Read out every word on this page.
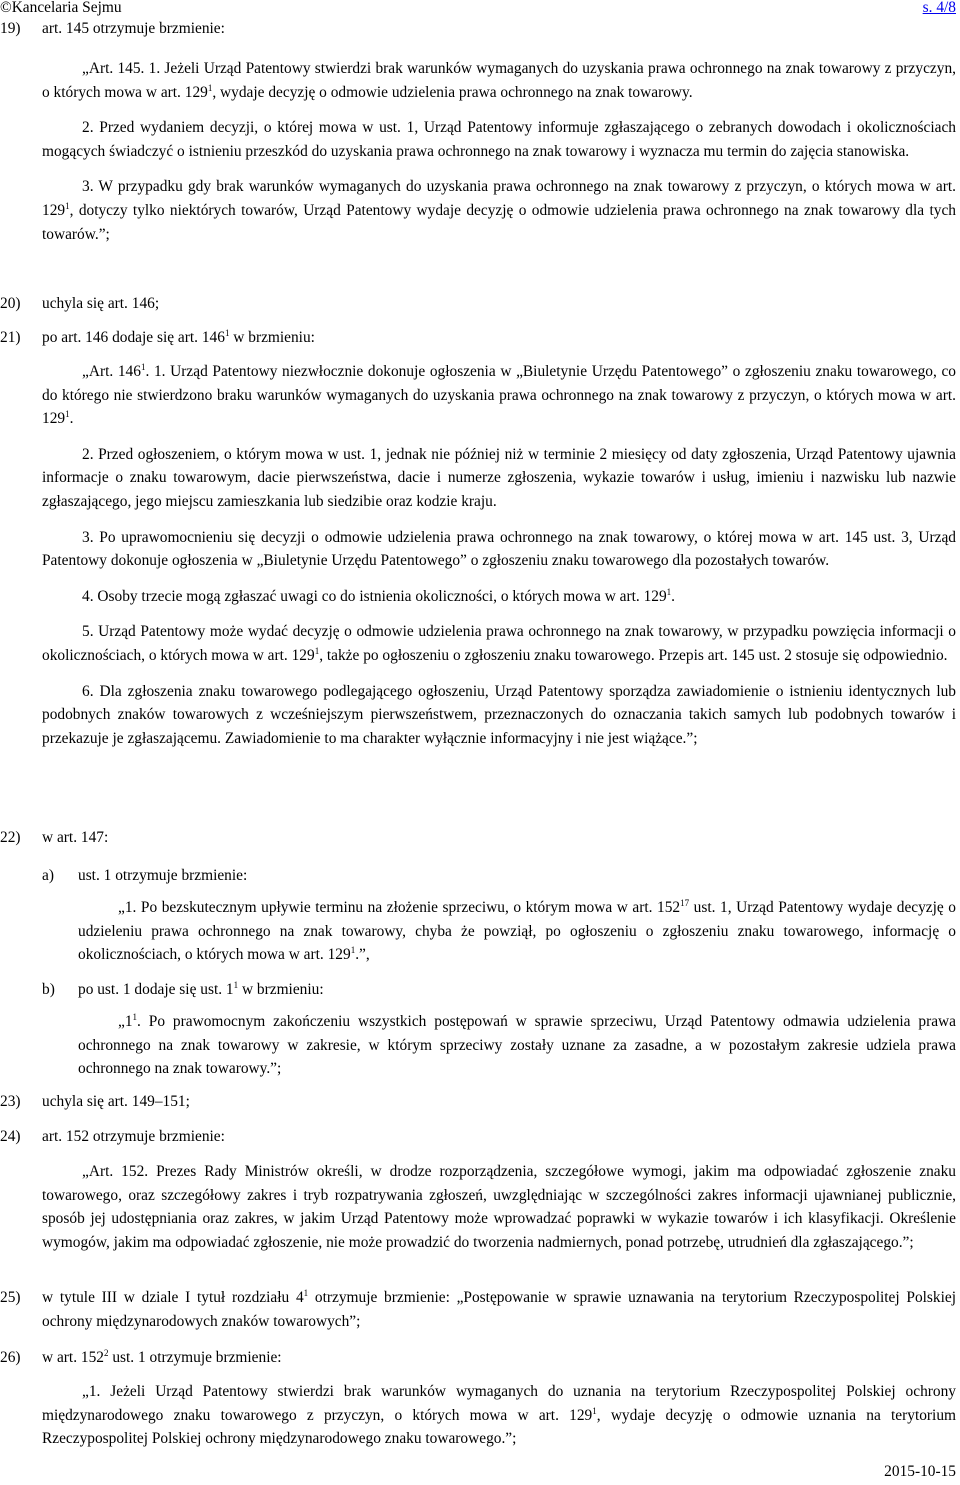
©Kancelaria Sejmu	s. 4/8
19) art. 145 otrzymuje brzmienie:

„Art. 145. 1. Jeżeli Urząd Patentowy stwierdzi brak warunków wymaganych do uzyskania prawa ochronnego na znak towarowy z przyczyn, o których mowa w art. $129^1$, wydaje decyzję o odmowie udzielenia prawa ochronnego na znak towarowy.

2. Przed wydaniem decyzji, o której mowa w ust. 1, Urząd Patentowy informuje zgłaszającego o zebranych dowodach i okolicznościach mogących świadczyć o istnieniu przeszkód do uzyskania prawa ochronnego na znak towarowy i wyznacza mu termin do zajęcia stanowiska.

3. W przypadku gdy brak warunków wymaganych do uzyskania prawa ochronnego na znak towarowy z przyczyn, o których mowa w art. $129^1$, dotyczy tylko niektórych towarów, Urząd Patentowy wydaje decyzję o odmowie udzielenia prawa ochronnego na znak towarowy dla tych towarów.”;

20) uchyla się art. 146;
21) po art. 146 dodaje się art. $146^1$ w brzmieniu:

„Art. $146^1$. 1. Urząd Patentowy niezwłocznie dokonuje ogłoszenia w „Biuletynie Urzędu Patentowego” o zgłoszeniu znaku towarowego, co do którego nie stwierdzono braku warunków wymaganych do uzyskania prawa ochronnego na znak towarowy z przyczyn, o których mowa w art. $129^1$.

2. Przed ogłoszeniem, o którym mowa w ust. 1, jednak nie później niż w terminie 2 miesięcy od daty zgłoszenia, Urząd Patentowy ujawnia informacje o znaku towarowym, dacie pierwszeństwa, dacie i numerze zgłoszenia, wykazie towarów i usług, imieniu i nazwisku lub nazwie zgłaszającego, jego miejscu zamieszkania lub siedzibie oraz kodzie kraju.

3. Po uprawomocnieniu się decyzji o odmowie udzielenia prawa ochronnego na znak towarowy, o której mowa w art. 145 ust. 3, Urząd Patentowy dokonuje ogłoszenia w „Biuletynie Urzędu Patentowego” o zgłoszeniu znaku towarowego dla pozostałych towarów.

4. Osoby trzecie mogą zgłaszać uwagi co do istnienia okoliczności, o których mowa w art. $129^1$.

5. Urząd Patentowy może wydać decyzję o odmowie udzielenia prawa ochronnego na znak towarowy, w przypadku powzięcia informacji o okolicznościach, o których mowa w art. $129^1$, także po ogłoszeniu o zgłoszeniu znaku towarowego. Przepis art. 145 ust. 2 stosuje się odpowiednio.

6. Dla zgłoszenia znaku towarowego podlegającego ogłoszeniu, Urząd Patentowy sporządza zawiadomienie o istnieniu identycznych lub podobnych znaków towarowych z wcześniejszym pierwszeństwem, przeznaczonych do oznaczania takich samych lub podobnych towarów i przekazuje je zgłaszającemu. Zawiadomienie to ma charakter wyłącznie informacyjny i nie jest wiążące.”;

22) w art. 147:
a) ust. 1 otrzymuje brzmienie:

„1. Po bezskutecznym upływie terminu na złożenie sprzeciwu, o którym mowa w art. $152^{17}$ ust. 1, Urząd Patentowy wydaje decyzję o udzieleniu prawa ochronnego na znak towarowy, chyba że powziął, po ogłoszeniu o zgłoszeniu znaku towarowego, informację o okolicznościach, o których mowa w art. $129^1$.”,

b) po ust. 1 dodaje się ust. $1^1$ w brzmieniu:

$„1^1$. Po prawomocnym zakończeniu wszystkich postępowań w sprawie sprzeciwu, Urząd Patentowy odmawia udzielenia prawa ochronnego na znak towarowy w zakresie, w którym sprzeciwy zostały uznane za zasadne, a w pozostałym zakresie udziela prawa ochronnego na znak towarowy.”;

23) uchyla się art. 149–151;
24) art. 152 otrzymuje brzmienie:

„Art. 152. Prezes Rady Ministrów określi, w drodze rozporządzenia, szczegółowe wymogi, jakim ma odpowiadać zgłoszenie znaku towarowego, oraz szczegółowy zakres i tryb rozpatrywania zgłoszeń, uwzględniając w szczególności zakres informacji ujawnianej publicznie, sposób jej udostępniania oraz zakres, w jakim Urząd Patentowy może wprowadzać poprawki w wykazie towarów i ich klasyfikacji. Określenie wymogów, jakim ma odpowiadać zgłoszenie, nie może prowadzić do tworzenia nadmiernych, ponad potrzebę, utrudnień dla zgłaszającego.”;

25) w tytule III w dziale I tytuł rozdziału $4^1$ otrzymuje brzmienie: „Postępowanie w sprawie uznawania na terytorium Rzeczypospolitej Polskiej ochrony międzynarodowych znaków towarowych”;

26) w art. $152^2$ ust. 1 otrzymuje brzmienie:

„1. Jeżeli Urząd Patentowy stwierdzi brak warunków wymaganych do uznania na terytorium Rzeczypospolitej Polskiej ochrony międzynarodowego znaku towarowego z przyczyn, o których mowa w art. $129^1$, wydaje decyzję o odmowie uznania na terytorium Rzeczypospolitej Polskiej ochrony międzynarodowego znaku towarowego.”;

2015-10-15
